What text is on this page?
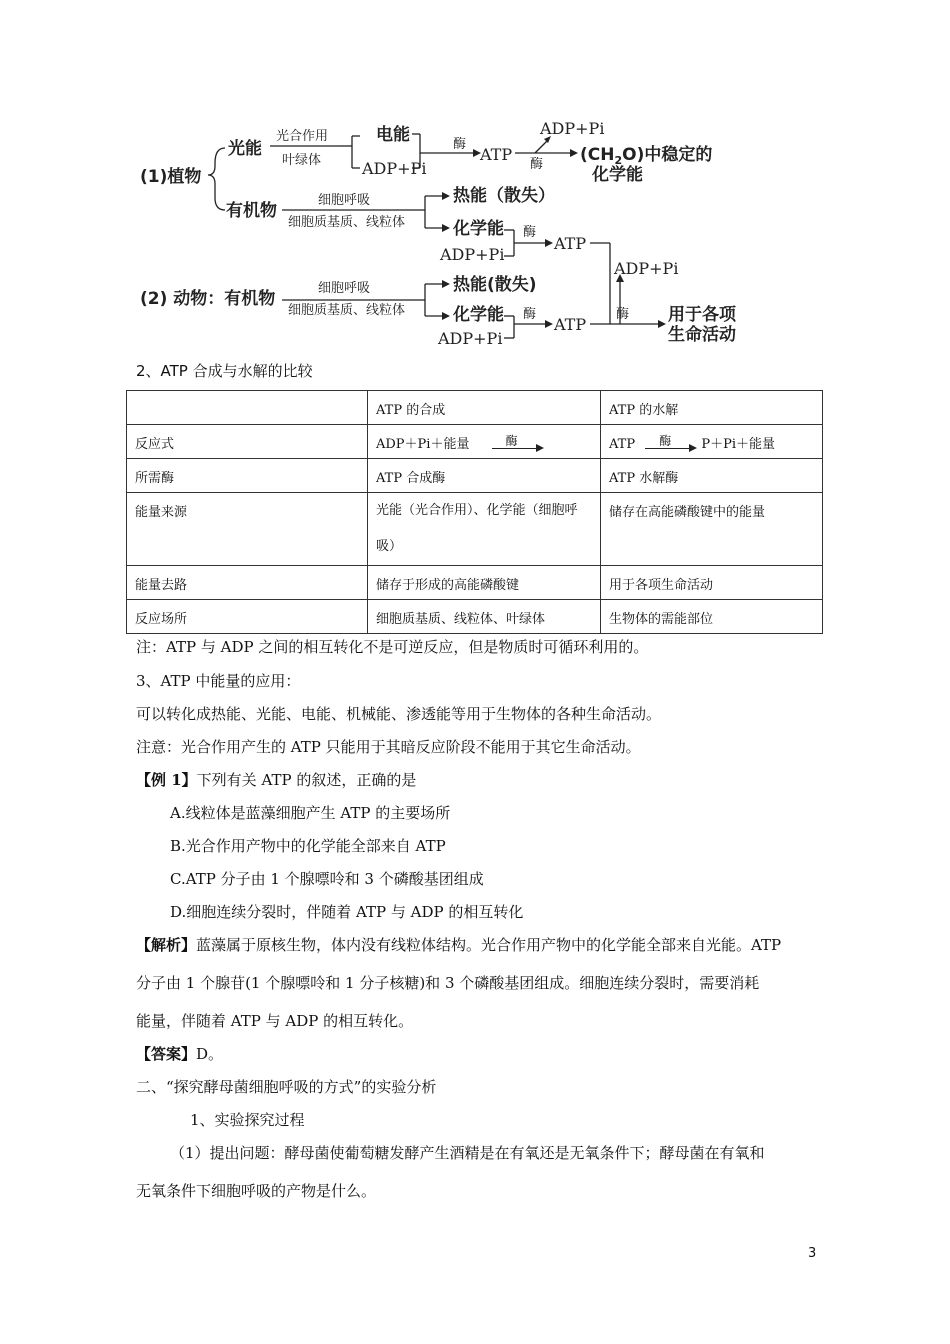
(1)植物
光能
光合作用
叶绿体
电能
ADP+Pi
酶
ATP
ADP+Pi
酶 $(CH_2O)$中稳定的
化学能
有机物
细胞呼吸
细胞质基质、线粒体
热能（散失）
化学能
ADP+Pi
酶
ATP
ADP+Pi
(2) 动物：有机物
细胞呼吸
细胞质基质、线粒体
热能(散失)
化学能
ADP+Pi
酶
ATP
酶 用于各项
生命活动
2、ATP 合成与水解的比较
	ATP 的合成	ATP 的水解
反应式	ADP＋Pi＋能量 酶	ATP 酶 P＋Pi＋能量
所需酶	ATP 合成酶	ATP 水解酶
能量来源	光能（光合作用）、化学能（细胞呼吸）	储存在高能磷酸键中的能量
能量去路	储存于形成的高能磷酸键	用于各项生命活动
反应场所	细胞质基质、线粒体、叶绿体	生物体的需能部位
注：ATP 与 ADP 之间的相互转化不是可逆反应，但是物质时可循环利用的。
3、ATP 中能量的应用：
可以转化成热能、光能、电能、机械能、渗透能等用于生物体的各种生命活动。
注意：光合作用产生的 ATP 只能用于其暗反应阶段不能用于其它生命活动。
【例 1】下列有关 ATP 的叙述，正确的是
A.线粒体是蓝藻细胞产生 ATP 的主要场所
B.光合作用产物中的化学能全部来自 ATP
C.ATP 分子由 1 个腺嘌呤和 3 个磷酸基团组成
D.细胞连续分裂时，伴随着 ATP 与 ADP 的相互转化
【解析】蓝藻属于原核生物，体内没有线粒体结构。光合作用产物中的化学能全部来自光能。ATP
分子由 1 个腺苷(1 个腺嘌呤和 1 分子核糖)和 3 个磷酸基团组成。细胞连续分裂时，需要消耗
能量，伴随着 ATP 与 ADP 的相互转化。
【答案】D。
二、“探究酵母菌细胞呼吸的方式”的实验分析
1、实验探究过程
（1）提出问题：酵母菌使葡萄糖发酵产生酒精是在有氧还是无氧条件下；酵母菌在有氧和
无氧条件下细胞呼吸的产物是什么。
3
